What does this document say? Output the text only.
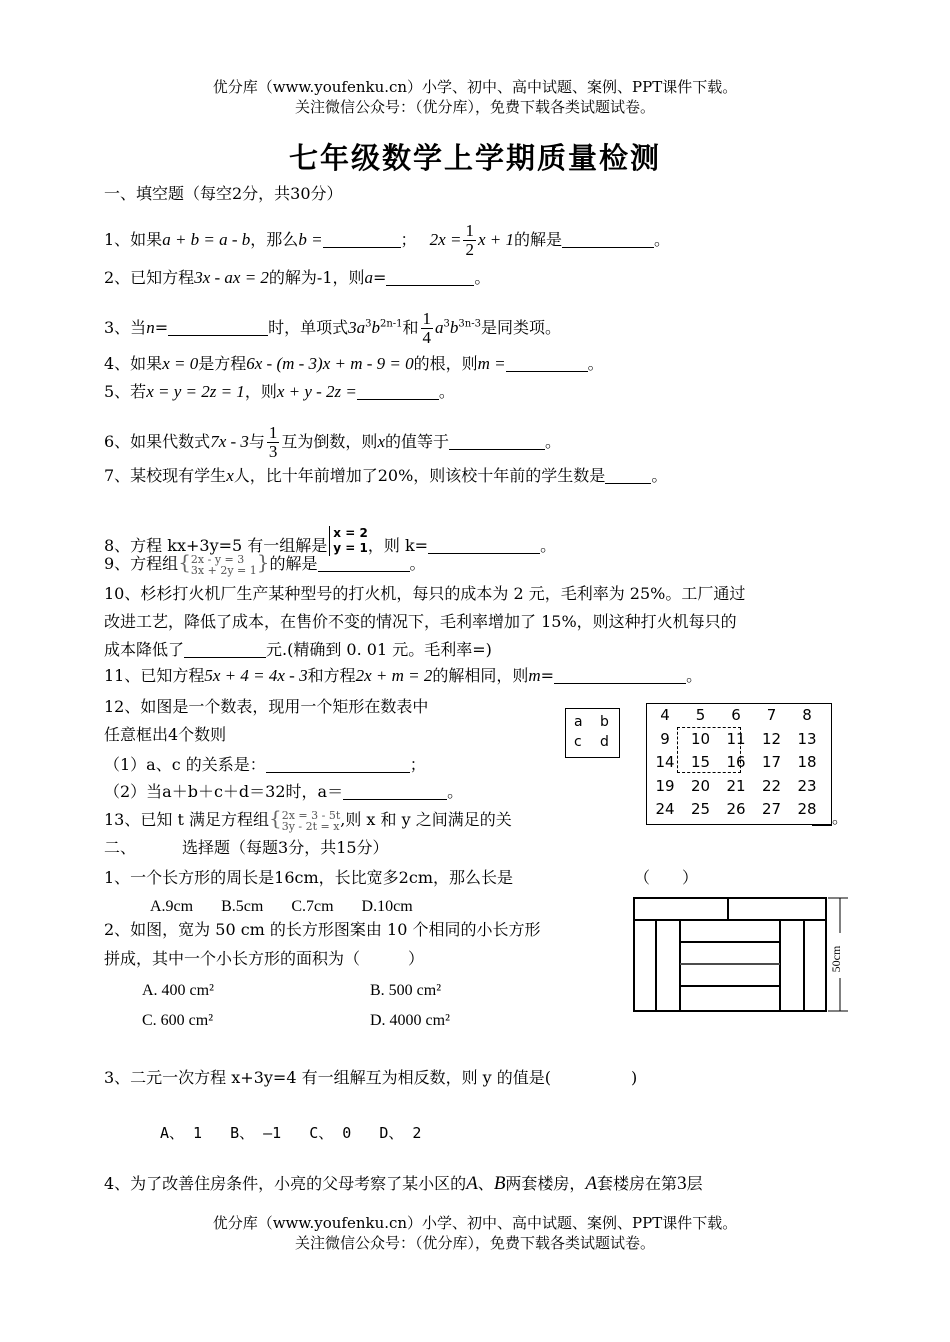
优分库（www.youfenku.cn）小学、初中、高中试题、案例、PPT课件下载。
关注微信公众号：（优分库），免费下载各类试题试卷。
七年级数学上学期质量检测
一、填空题（每空2分，共30分）
1、如果a + b = a - b，那么b =	； $2x = \frac{1}{2}$ x + 1的解是	。
2、已知方程3x - ax = 2的解为-1，则a=	。
3、当n=	时，单项式$3a^3b^{2n-1}$和 $\frac{1}{4} a^3b^{3n-3}$是同类项。
4、如果x = 0是方程6x - (m - 3)x + m - 9 = 0的根，则m =	。
5、若x = y = 2z = 1，则x + y - 2z =	。
6、如果代数式7x - 3与 $\frac{1}{3}$ 互为倒数，则x的值等于	。
7、某校现有学生x人，比十年前增加了20%，则该校十年前的学生数是	。
8、方程 kx+3y=5 有一组解是x = 2
y = 1，则 k=	。
9、方程组{2x - y = 3
3x + 2y = 1}的解是	。
10、杉杉打火机厂生产某种型号的打火机，每只的成本为 2 元，毛利率为 25%。工厂通过
改进工艺，降低了成本，在售价不变的情况下，毛利率增加了 15%，则这种打火机每只的
成本降低了	元.(精确到 0. 01 元。毛利率=)
11、已知方程5x + 4 = 4x - 3和方程2x + m = 2的解相同，则m=	。
12、如图是一个数表，现用一个矩形在数表中
任意框出4个数则
（1）a、c 的关系是：	；
（2）当a＋b＋c＋d＝32时，a＝	。
a b
c d
4	5	6	7	8
9	10	11	12	13
14	15	16	17	18
19	20	21	22	23
24	25	26	27	28
13、已知 t 满足方程组{2x = 3 - 5t
3y - 2t = x,则 x 和 y 之间满足的关	。
二、	选择题（每题3分，共15分）
1、一个长方形的周长是16cm，长比宽多2cm，那么长是	（　　）
A.9cm B.5cm C.7cm D.10cm
2、如图，宽为 50 cm 的长方形图案由 10 个相同的小长方形
拼成，其中一个小长方形的面积为（　　　）
A. 400 cm²	B. 500 cm²
C. 600 cm²	D. 4000 cm²
50cm
3、二元一次方程 x+3y=4 有一组解互为相反数，则 y 的值是(　　　　　)
A、 1 B、 –1 C、 0 D、 2
4、为了改善住房条件，小亮的父母考察了某小区的A、B两套楼房，A套楼房在第3层
优分库（www.youfenku.cn）小学、初中、高中试题、案例、PPT课件下载。
关注微信公众号：（优分库），免费下载各类试题试卷。
